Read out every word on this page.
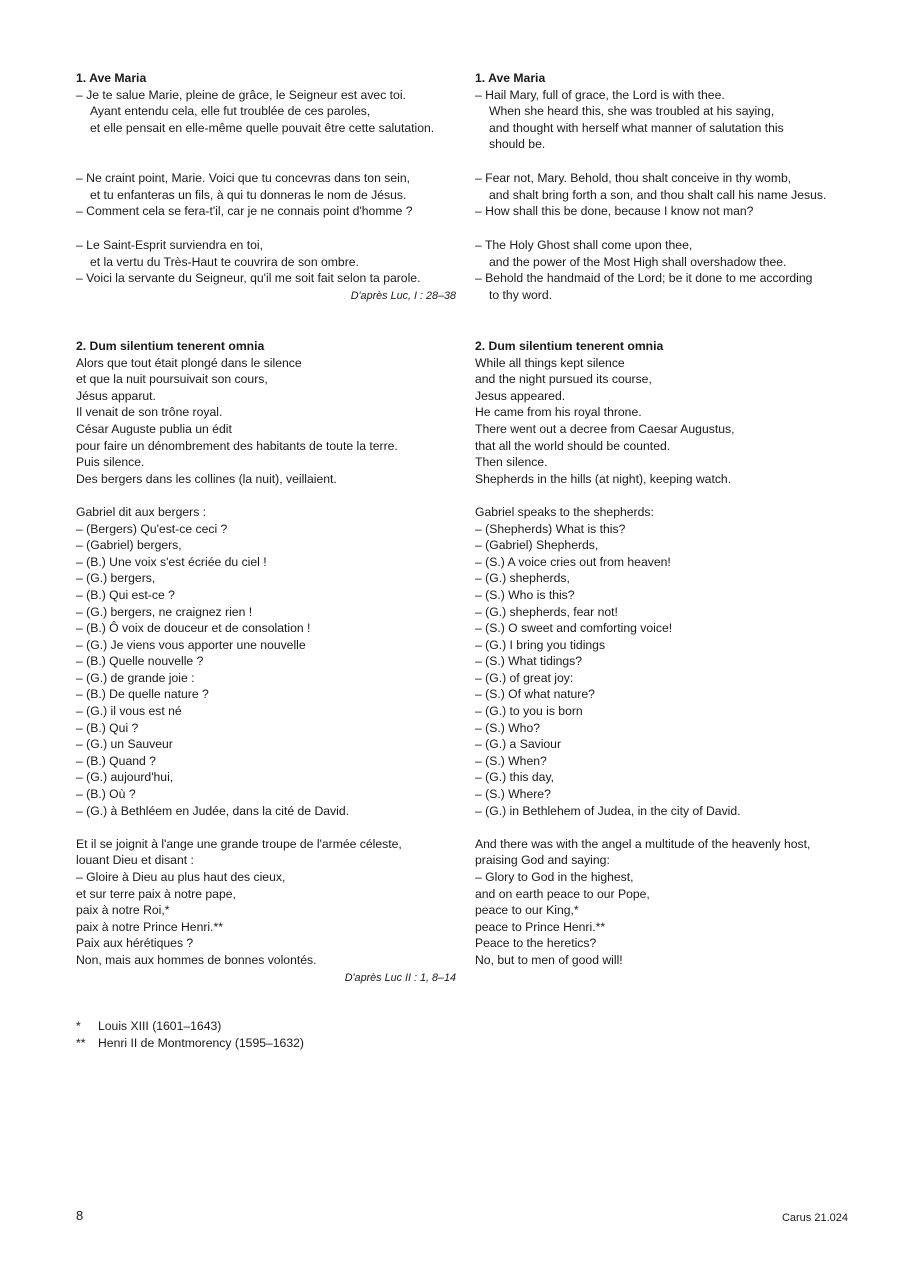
1. Ave Maria
– Je te salue Marie, pleine de grâce, le Seigneur est avec toi.
Ayant entendu cela, elle fut troublée de ces paroles,
et elle pensait en elle-même quelle pouvait être cette salutation.
– Ne craint point, Marie. Voici que tu concevras dans ton sein,
et tu enfanteras un fils, à qui tu donneras le nom de Jésus.
– Comment cela se fera-t'il, car je ne connais point d'homme ?
– Le Saint-Esprit surviendra en toi,
et la vertu du Très-Haut te couvrira de son ombre.
– Voici la servante du Seigneur, qu'il me soit fait selon ta parole.
D'après Luc, I : 28–38
2. Dum silentium tenerent omnia
Alors que tout était plongé dans le silence
et que la nuit poursuivait son cours,
Jésus apparut.
Il venait de son trône royal.
César Auguste publia un édit
pour faire un dénombrement des habitants de toute la terre.
Puis silence.
Des bergers dans les collines (la nuit), veillaient.
Gabriel dit aux bergers :
– (Bergers) Qu'est-ce ceci ?
– (Gabriel) bergers,
– (B.) Une voix s'est écriée du ciel !
– (G.) bergers,
– (B.) Qui est-ce ?
– (G.) bergers, ne craignez rien !
– (B.) Ô voix de douceur et de consolation !
– (G.) Je viens vous apporter une nouvelle
– (B.) Quelle nouvelle ?
– (G.) de grande joie :
– (B.) De quelle nature ?
– (G.) il vous est né
– (B.) Qui ?
– (G.) un Sauveur
– (B.) Quand ?
– (G.) aujourd'hui,
– (B.) Où ?
– (G.) à Bethléem en Judée, dans la cité de David.
Et il se joignit à l'ange une grande troupe de l'armée céleste,
louant Dieu et disant :
– Gloire à Dieu au plus haut des cieux,
et sur terre paix à notre pape,
paix à notre Roi,*
paix à notre Prince Henri.**
Paix aux hérétiques ?
Non, mais aux hommes de bonnes volontés.
D'après Luc II : 1, 8–14
1. Ave Maria
– Hail Mary, full of grace, the Lord is with thee.
When she heard this, she was troubled at his saying,
and thought with herself what manner of salutation this
should be.
– Fear not, Mary. Behold, thou shalt conceive in thy womb,
and shalt bring forth a son, and thou shalt call his name Jesus.
– How shall this be done, because I know not man?
– The Holy Ghost shall come upon thee,
and the power of the Most High shall overshadow thee.
– Behold the handmaid of the Lord; be it done to me according
to thy word.
2. Dum silentium tenerent omnia
While all things kept silence
and the night pursued its course,
Jesus appeared.
He came from his royal throne.
There went out a decree from Caesar Augustus,
that all the world should be counted.
Then silence.
Shepherds in the hills (at night), keeping watch.
Gabriel speaks to the shepherds:
– (Shepherds) What is this?
– (Gabriel) Shepherds,
– (S.) A voice cries out from heaven!
– (G.) shepherds,
– (S.) Who is this?
– (G.) shepherds, fear not!
– (S.) O sweet and comforting voice!
– (G.) I bring you tidings
– (S.) What tidings?
– (G.) of great joy:
– (S.) Of what nature?
– (G.) to you is born
– (S.) Who?
– (G.) a Saviour
– (S.) When?
– (G.) this day,
– (S.) Where?
– (G.) in Bethlehem of Judea, in the city of David.
And there was with the angel a multitude of the heavenly host,
praising God and saying:
– Glory to God in the highest,
and on earth peace to our Pope,
peace to our King,*
peace to Prince Henri.**
Peace to the heretics?
No, but to men of good will!
* Louis XIII (1601–1643)
** Henri II de Montmorency (1595–1632)
8	Carus 21.024
